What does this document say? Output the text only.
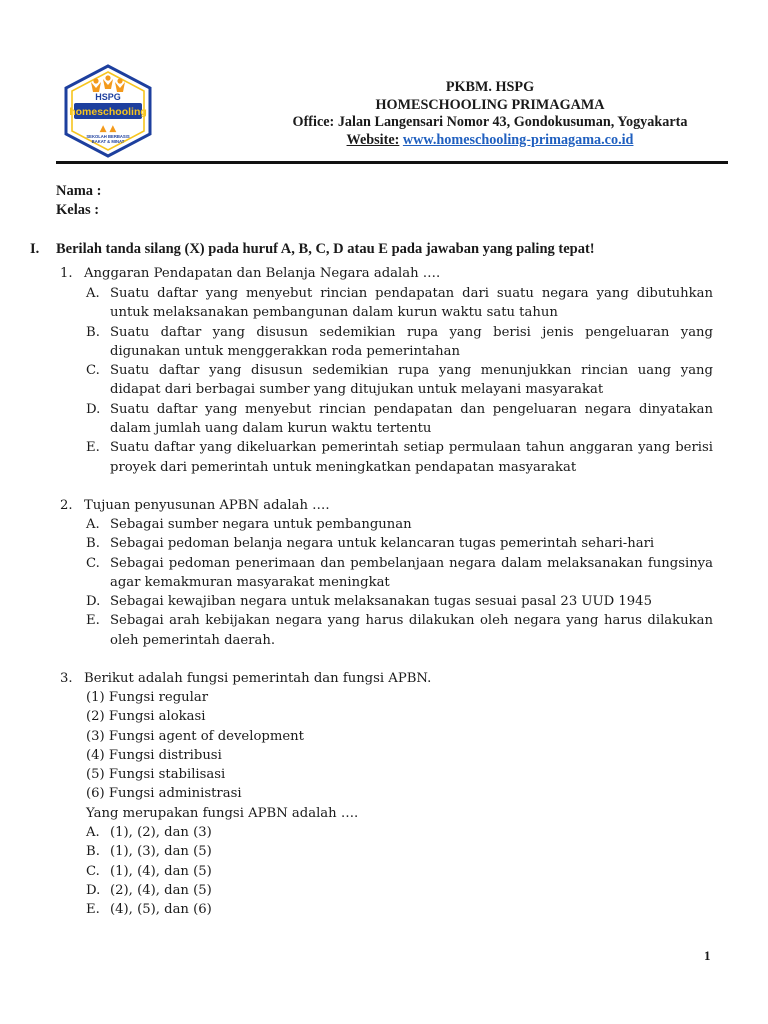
HSPG
homeschooling
▲ ▲
SEKOLAH BERBASIS
BAKAT & MINAT
PKBM. HSPG
HOMESCHOOLING PRIMAGAMA
Office: Jalan Langensari Nomor 43, Gondokusuman, Yogyakarta
Website: www.homeschooling-primagama.co.id
Nama :
Kelas :
I. Berilah tanda silang (X) pada huruf A, B, C, D atau E pada jawaban yang paling tepat!
1. Anggaran Pendapatan dan Belanja Negara adalah ….
A. Suatu daftar yang menyebut rincian pendapatan dari suatu negara yang dibutuhkan untuk melaksanakan pembangunan dalam kurun waktu satu tahun
B. Suatu daftar yang disusun sedemikian rupa yang berisi jenis pengeluaran yang digunakan untuk menggerakkan roda pemerintahan
C. Suatu daftar yang disusun sedemikian rupa yang menunjukkan rincian uang yang didapat dari berbagai sumber yang ditujukan untuk melayani masyarakat
D. Suatu daftar yang menyebut rincian pendapatan dan pengeluaran negara dinyatakan dalam jumlah uang dalam kurun waktu tertentu
E. Suatu daftar yang dikeluarkan pemerintah setiap permulaan tahun anggaran yang berisi proyek dari pemerintah untuk meningkatkan pendapatan masyarakat
2. Tujuan penyusunan APBN adalah ….
A. Sebagai sumber negara untuk pembangunan
B. Sebagai pedoman belanja negara untuk kelancaran tugas pemerintah sehari-hari
C. Sebagai pedoman penerimaan dan pembelanjaan negara dalam melaksanakan fungsinya agar kemakmuran masyarakat meningkat
D. Sebagai kewajiban negara untuk melaksanakan tugas sesuai pasal 23 UUD 1945
E. Sebagai arah kebijakan negara yang harus dilakukan oleh negara yang harus dilakukan oleh pemerintah daerah.
3. Berikut adalah fungsi pemerintah dan fungsi APBN.
(1) Fungsi regular
(2) Fungsi alokasi
(3) Fungsi agent of development
(4) Fungsi distribusi
(5) Fungsi stabilisasi
(6) Fungsi administrasi
Yang merupakan fungsi APBN adalah ….
A. (1), (2), dan (3)
B. (1), (3), dan (5)
C. (1), (4), dan (5)
D. (2), (4), dan (5)
E. (4), (5), dan (6)
1
